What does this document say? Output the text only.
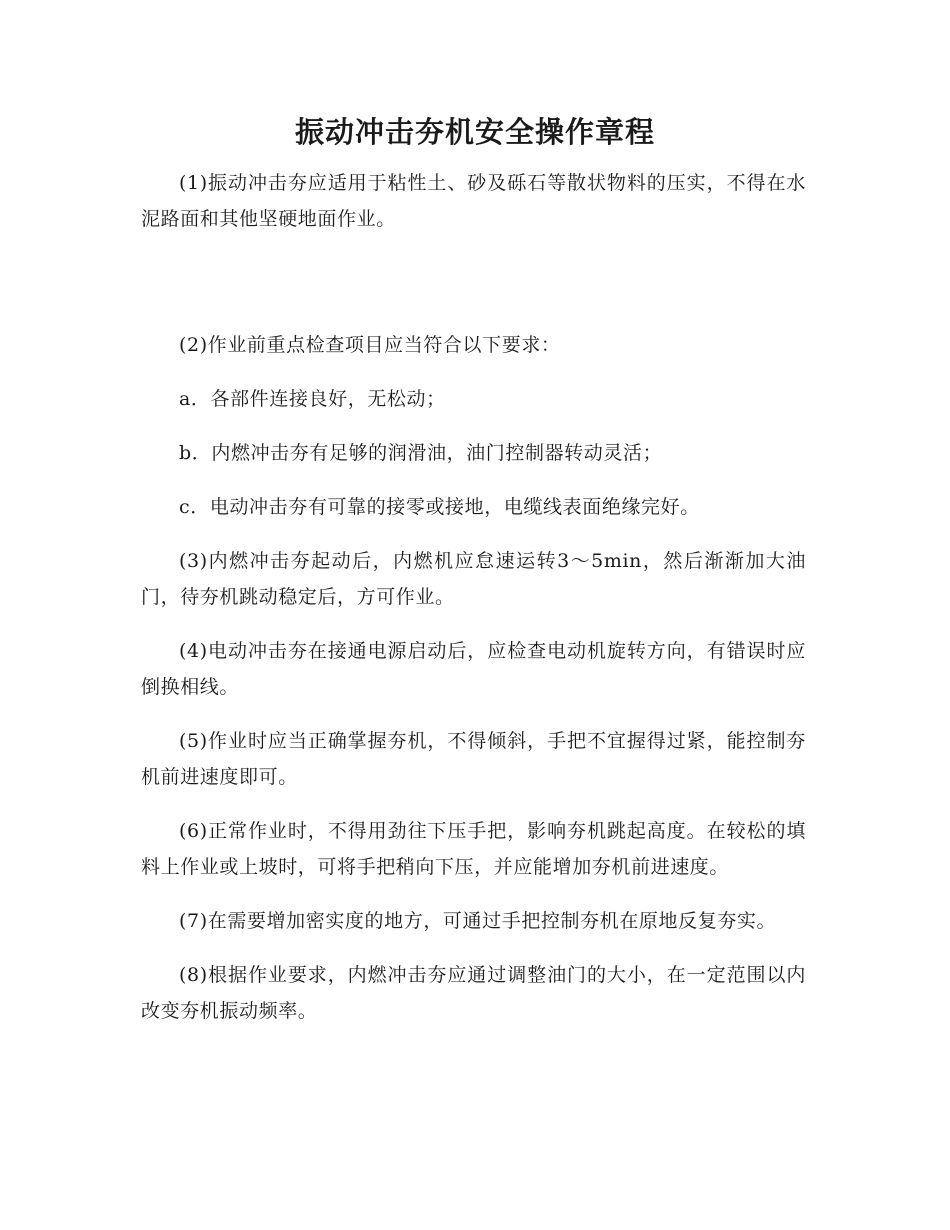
振动冲击夯机安全操作章程

(1)振动冲击夯应适用于粘性土、砂及砾石等散状物料的压实，不得在水泥路面和其他坚硬地面作业。

(2)作业前重点检查项目应当符合以下要求：

a．各部件连接良好，无松动；

b．内燃冲击夯有足够的润滑油，油门控制器转动灵活；

c．电动冲击夯有可靠的接零或接地，电缆线表面绝缘完好。

(3)内燃冲击夯起动后，内燃机应怠速运转3～5min，然后渐渐加大油门，待夯机跳动稳定后，方可作业。

(4)电动冲击夯在接通电源启动后，应检查电动机旋转方向，有错误时应倒换相线。

(5)作业时应当正确掌握夯机，不得倾斜，手把不宜握得过紧，能控制夯机前进速度即可。

(6)正常作业时，不得用劲往下压手把，影响夯机跳起高度。在较松的填料上作业或上坡时，可将手把稍向下压，并应能增加夯机前进速度。

(7)在需要增加密实度的地方，可通过手把控制夯机在原地反复夯实。

(8)根据作业要求，内燃冲击夯应通过调整油门的大小，在一定范围以内改变夯机振动频率。
